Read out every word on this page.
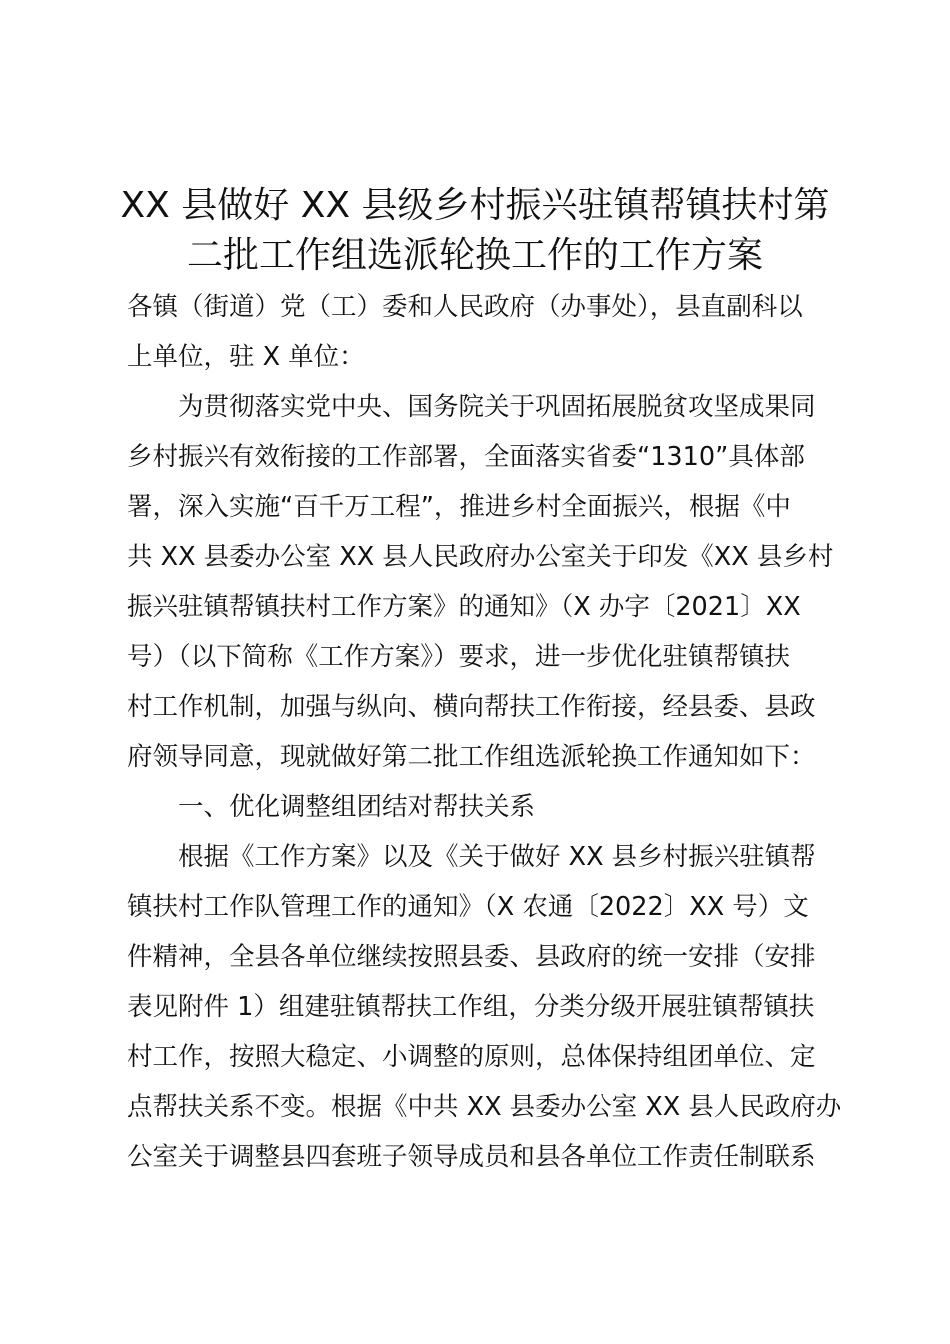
XX 县做好 XX 县级乡村振兴驻镇帮镇扶村第
二批工作组选派轮换工作的工作方案
各镇（街道）党（工）委和人民政府（办事处），县直副科以
上单位，驻 X 单位：
为贯彻落实党中央、国务院关于巩固拓展脱贫攻坚成果同
乡村振兴有效衔接的工作部署，全面落实省委“1310”具体部
署，深入实施“百千万工程”，推进乡村全面振兴，根据《中
共 XX 县委办公室 XX 县人民政府办公室关于印发《XX 县乡村
振兴驻镇帮镇扶村工作方案》的通知》（X 办字〔2021〕XX
号）（以下简称《工作方案》）要求，进一步优化驻镇帮镇扶
村工作机制，加强与纵向、横向帮扶工作衔接，经县委、县政
府领导同意，现就做好第二批工作组选派轮换工作通知如下：
一、优化调整组团结对帮扶关系
根据《工作方案》以及《关于做好 XX 县乡村振兴驻镇帮
镇扶村工作队管理工作的通知》（X 农通〔2022〕XX 号）文
件精神，全县各单位继续按照县委、县政府的统一安排（安排
表见附件 1）组建驻镇帮扶工作组，分类分级开展驻镇帮镇扶
村工作，按照大稳定、小调整的原则，总体保持组团单位、定
点帮扶关系不变。根据《中共 XX 县委办公室 XX 县人民政府办
公室关于调整县四套班子领导成员和县各单位工作责任制联系
